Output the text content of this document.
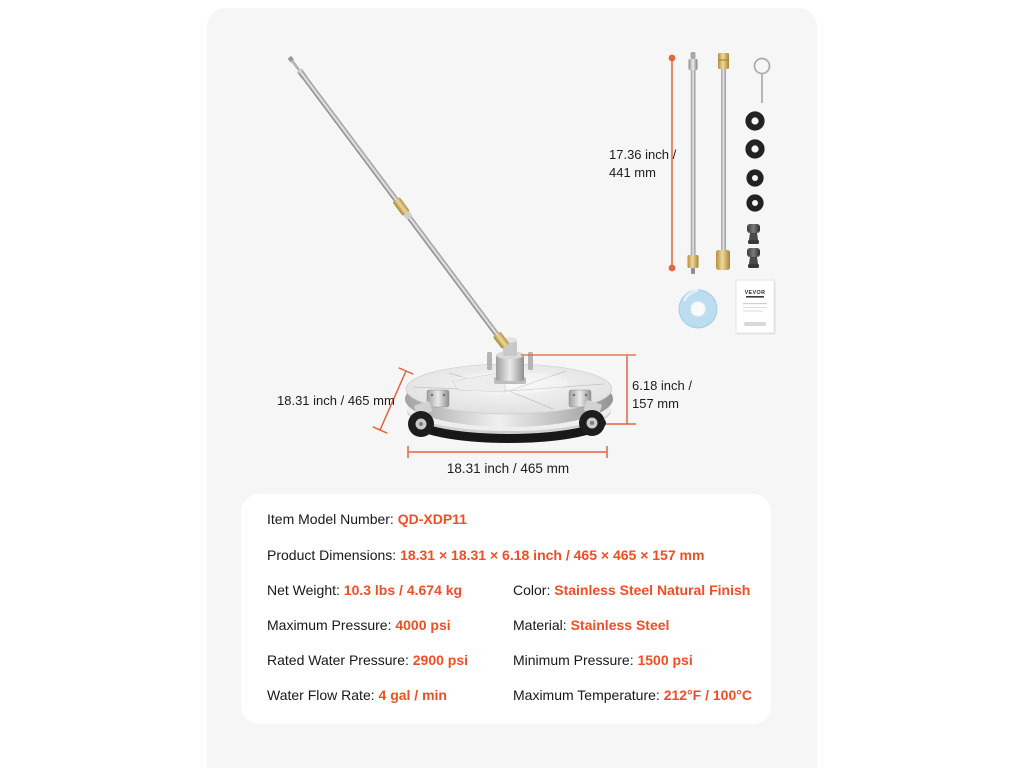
VEVOR
17.36 inch /
441 mm
18.31 inch / 465 mm
6.18 inch /
157 mm
18.31 inch / 465 mm
Item Model Number: QD-XDP11
Product Dimensions: 18.31 × 18.31 × 6.18 inch / 465 × 465 × 157 mm
Net Weight: 10.3 lbs / 4.674 kg	Color: Stainless Steel Natural Finish
Maximum Pressure: 4000 psi	Material: Stainless Steel
Rated Water Pressure: 2900 psi	Minimum Pressure: 1500 psi
Water Flow Rate: 4 gal / min	Maximum Temperature: 212°F / 100°C
